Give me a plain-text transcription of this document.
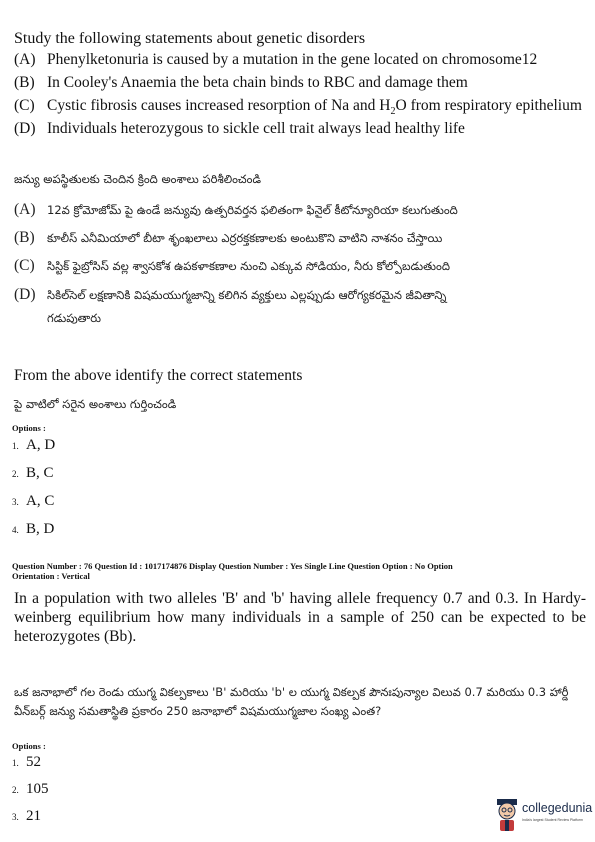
Study the following statements about genetic disorders
(A) Phenylketonuria is caused by a mutation in the gene located on chromosome12
(B) In Cooley's Anaemia the beta chain binds to RBC and damage them
(C) Cystic fibrosis causes increased resorption of Na and $H_2O$ from respiratory epithelium
(D) Individuals heterozygous to sickle cell trait always lead healthy life
జన్యు అపస్థితులకు చెందిన క్రింది అంశాలు పరిశీలించండి
(A) 12వ క్రోమోజోమ్ పై ఉండే జన్యువు ఉత్పరివర్తన ఫలితంగా ఫినైల్ కీటోన్యూరియా కలుగుతుంది
(B) కూలీస్ ఎనీమియాలో బీటా శృంఖలాలు ఎర్రరక్తకణాలకు అంటుకొని వాటిని నాశనం చేస్తాయి
(C) సిస్టిక్ ఫైబ్రోసిస్ వల్ల శ్వాసకోశ ఉపకళాకణాల నుంచి ఎక్కువ సోడియం, నీరు కోల్పోబడుతుంది
(D) సికిల్‌సెల్ లక్షణానికి విషమయుగ్మజాన్ని కలిగిన వ్యక్తులు ఎల్లప్పుడు ఆరోగ్యకరమైన జీవితాన్ని
గడుపుతారు
From the above identify the correct statements
పై వాటిలో సరైన అంశాలు గుర్తించండి
Options :
1. A, D
2. B, C
3. A, C
4. B, D
Question Number : 76 Question Id : 1017174876 Display Question Number : Yes Single Line Question Option : No Option
Orientation : Vertical
In a population with two alleles 'B' and 'b' having allele frequency 0.7 and 0.3. In Hardy-weinberg equilibrium how many individuals in a sample of 250 can be expected to be heterozygotes (Bb).
ఒక జనాభాలో గల రెండు యుగ్మ వికల్పకాలు 'B' మరియు 'b' ల యుగ్మ వికల్పక పౌనఃపున్యాల విలువ 0.7 మరియు 0.3 హార్డీ వీన్‌బర్గ్ జన్యు సమతాస్థితి ప్రకారం 250 జనాభాలో విషమయుగ్మజాల సంఖ్య ఎంత?
Options :
1. 52
2. 105
3. 21	collegedunia
India's largest Student Review Platform
